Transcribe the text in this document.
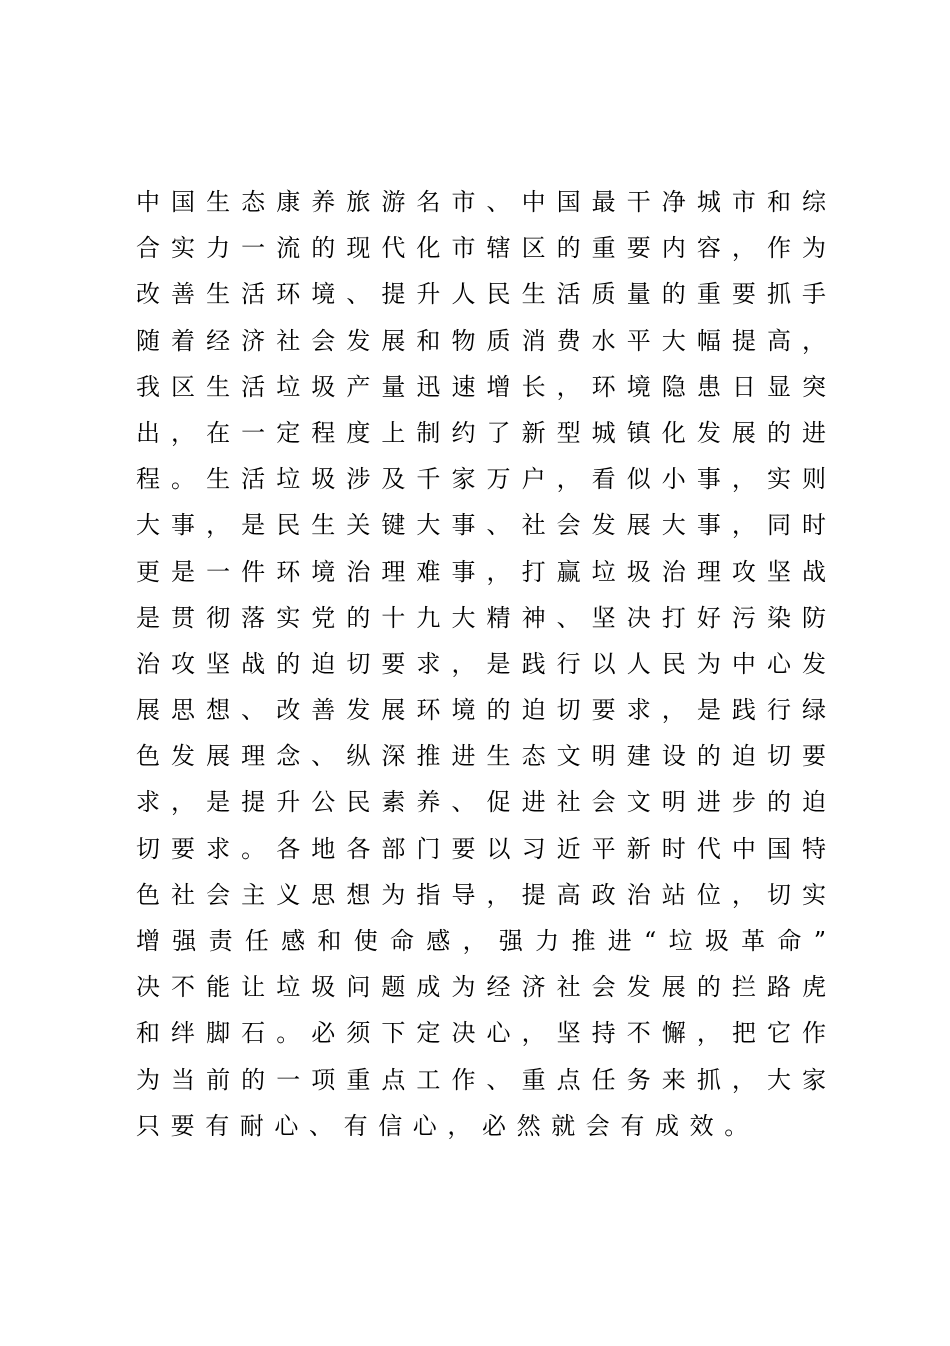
中国生态康养旅游名市、中国最干净城市和综
合实力一流的现代化市辖区的重要内容，作为
改善生活环境、提升人民生活质量的重要抓手
随着经济社会发展和物质消费水平大幅提高，
我区生活垃圾产量迅速增长，环境隐患日显突
出，在一定程度上制约了新型城镇化发展的进
程。生活垃圾涉及千家万户，看似小事，实则
大事，是民生关键大事、社会发展大事，同时
更是一件环境治理难事，打赢垃圾治理攻坚战
是贯彻落实党的十九大精神、坚决打好污染防
治攻坚战的迫切要求，是践行以人民为中心发
展思想、改善发展环境的迫切要求，是践行绿
色发展理念、纵深推进生态文明建设的迫切要
求，是提升公民素养、促进社会文明进步的迫
切要求。各地各部门要以习近平新时代中国特
色社会主义思想为指导，提高政治站位，切实
增强责任感和使命感，强力推进“垃圾革命”
决不能让垃圾问题成为经济社会发展的拦路虎
和绊脚石。必须下定决心，坚持不懈，把它作
为当前的一项重点工作、重点任务来抓，大家
只要有耐心、有信心，必然就会有成效。
